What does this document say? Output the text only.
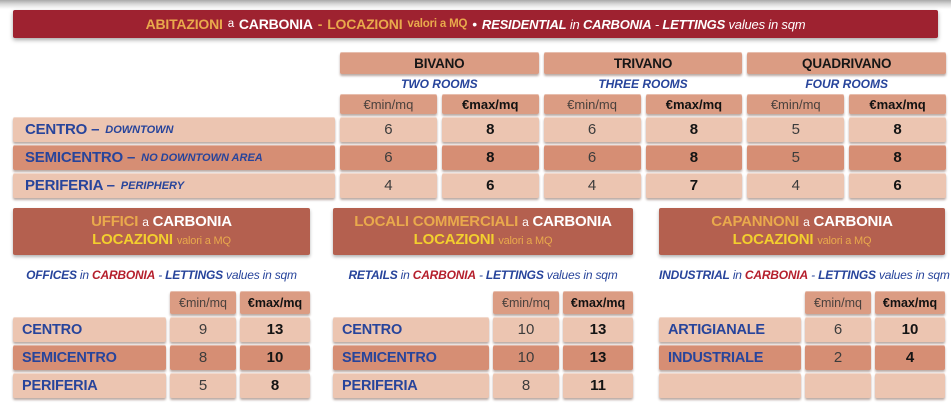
ABITAZIONI a CARBONIA - LOCAZIONI valori a MQ • RESIDENTIAL in CARBONIA - LETTINGS values in sqm
BIVANO	TRIVANO	QUADRIVANO
TWO ROOMS	THREE ROOMS	FOUR ROOMS
€min/mq	€max/mq	€min/mq	€max/mq	€min/mq	€max/mq
CENTRO – DOWNTOWN	6	8	6	8	5	8
SEMICENTRO – NO DOWNTOWN AREA	6	8	6	8	5	8
PERIFERIA – PERIPHERY	4	6	4	7	4	6
UFFICI a CARBONIA
LOCAZIONI valori a MQ
OFFICES in CARBONIA - LETTINGS values in sqm
€min/mq	€max/mq
CENTRO	9	13
SEMICENTRO	8	10
PERIFERIA	5	8
LOCALI COMMERCIALI a CARBONIA
LOCAZIONI valori a MQ
RETAILS in CARBONIA - LETTINGS values in sqm
€min/mq	€max/mq
CENTRO	10	13
SEMICENTRO	10	13
PERIFERIA	8	11
CAPANNONI a CARBONIA
LOCAZIONI valori a MQ
INDUSTRIAL in CARBONIA - LETTINGS values in sqm
€min/mq	€max/mq
ARTIGIANALE	6	10
INDUSTRIALE	2	4
